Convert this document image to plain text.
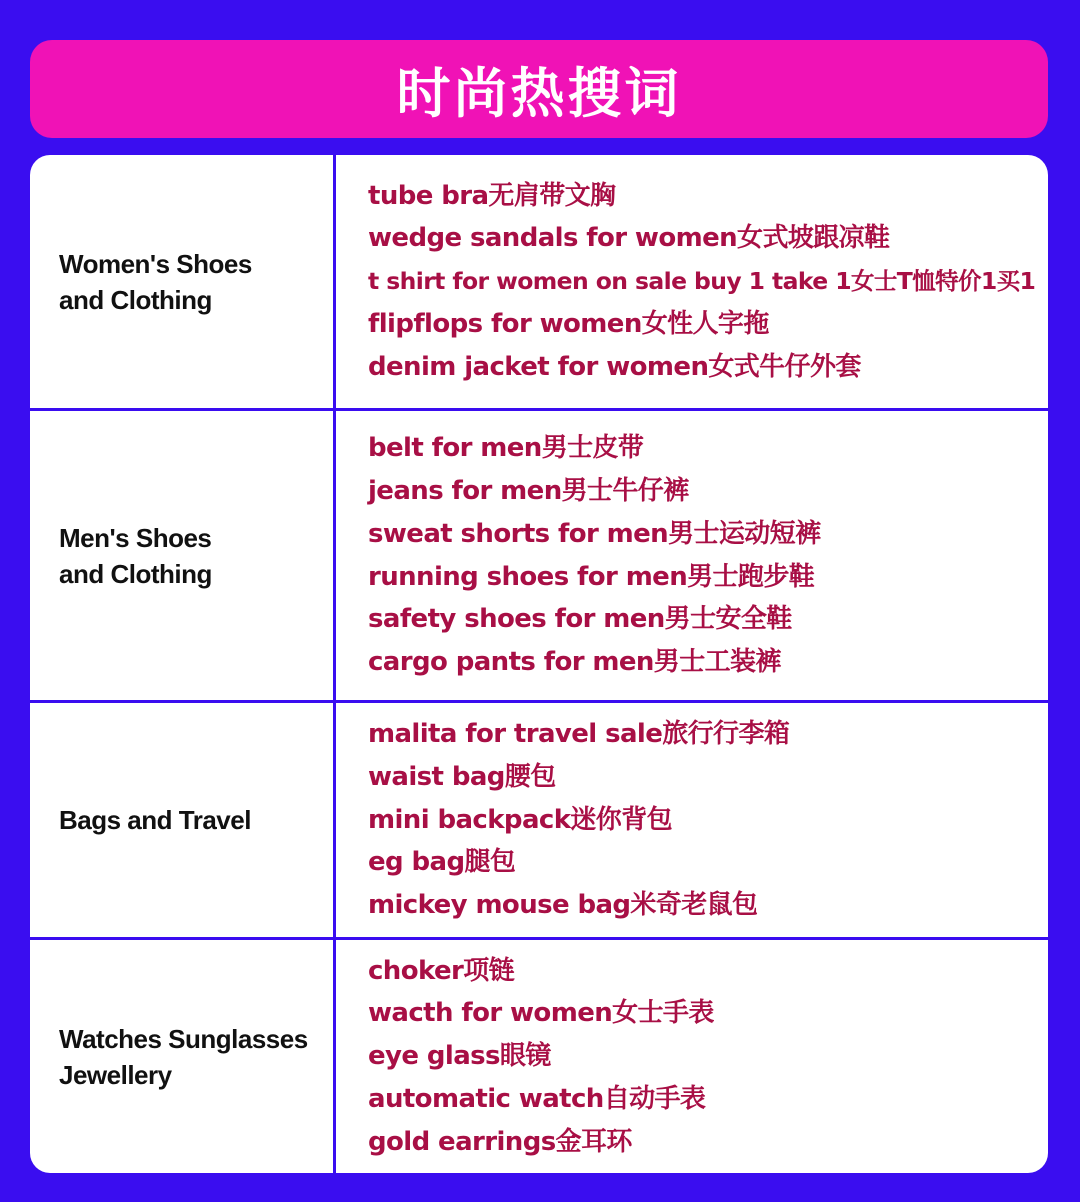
时尚热搜词
Women's Shoes
and Clothing
tube bra无肩带文胸
wedge sandals for women女式坡跟凉鞋
t shirt for women on sale buy 1 take 1女士T恤特价1买1
flipflops for women女性人字拖
denim jacket for women女式牛仔外套
Men's Shoes
and Clothing
belt for men男士皮带
jeans for men男士牛仔裤
sweat shorts for men男士运动短裤
running shoes for men男士跑步鞋
safety shoes for men男士安全鞋
cargo pants for men男士工装裤
Bags and Travel
malita for travel sale旅行行李箱
waist bag腰包
mini backpack迷你背包
eg bag腿包
mickey mouse bag米奇老鼠包
Watches Sunglasses
Jewellery
choker项链
wacth for women女士手表
eye glass眼镜
automatic watch自动手表
gold earrings金耳环
